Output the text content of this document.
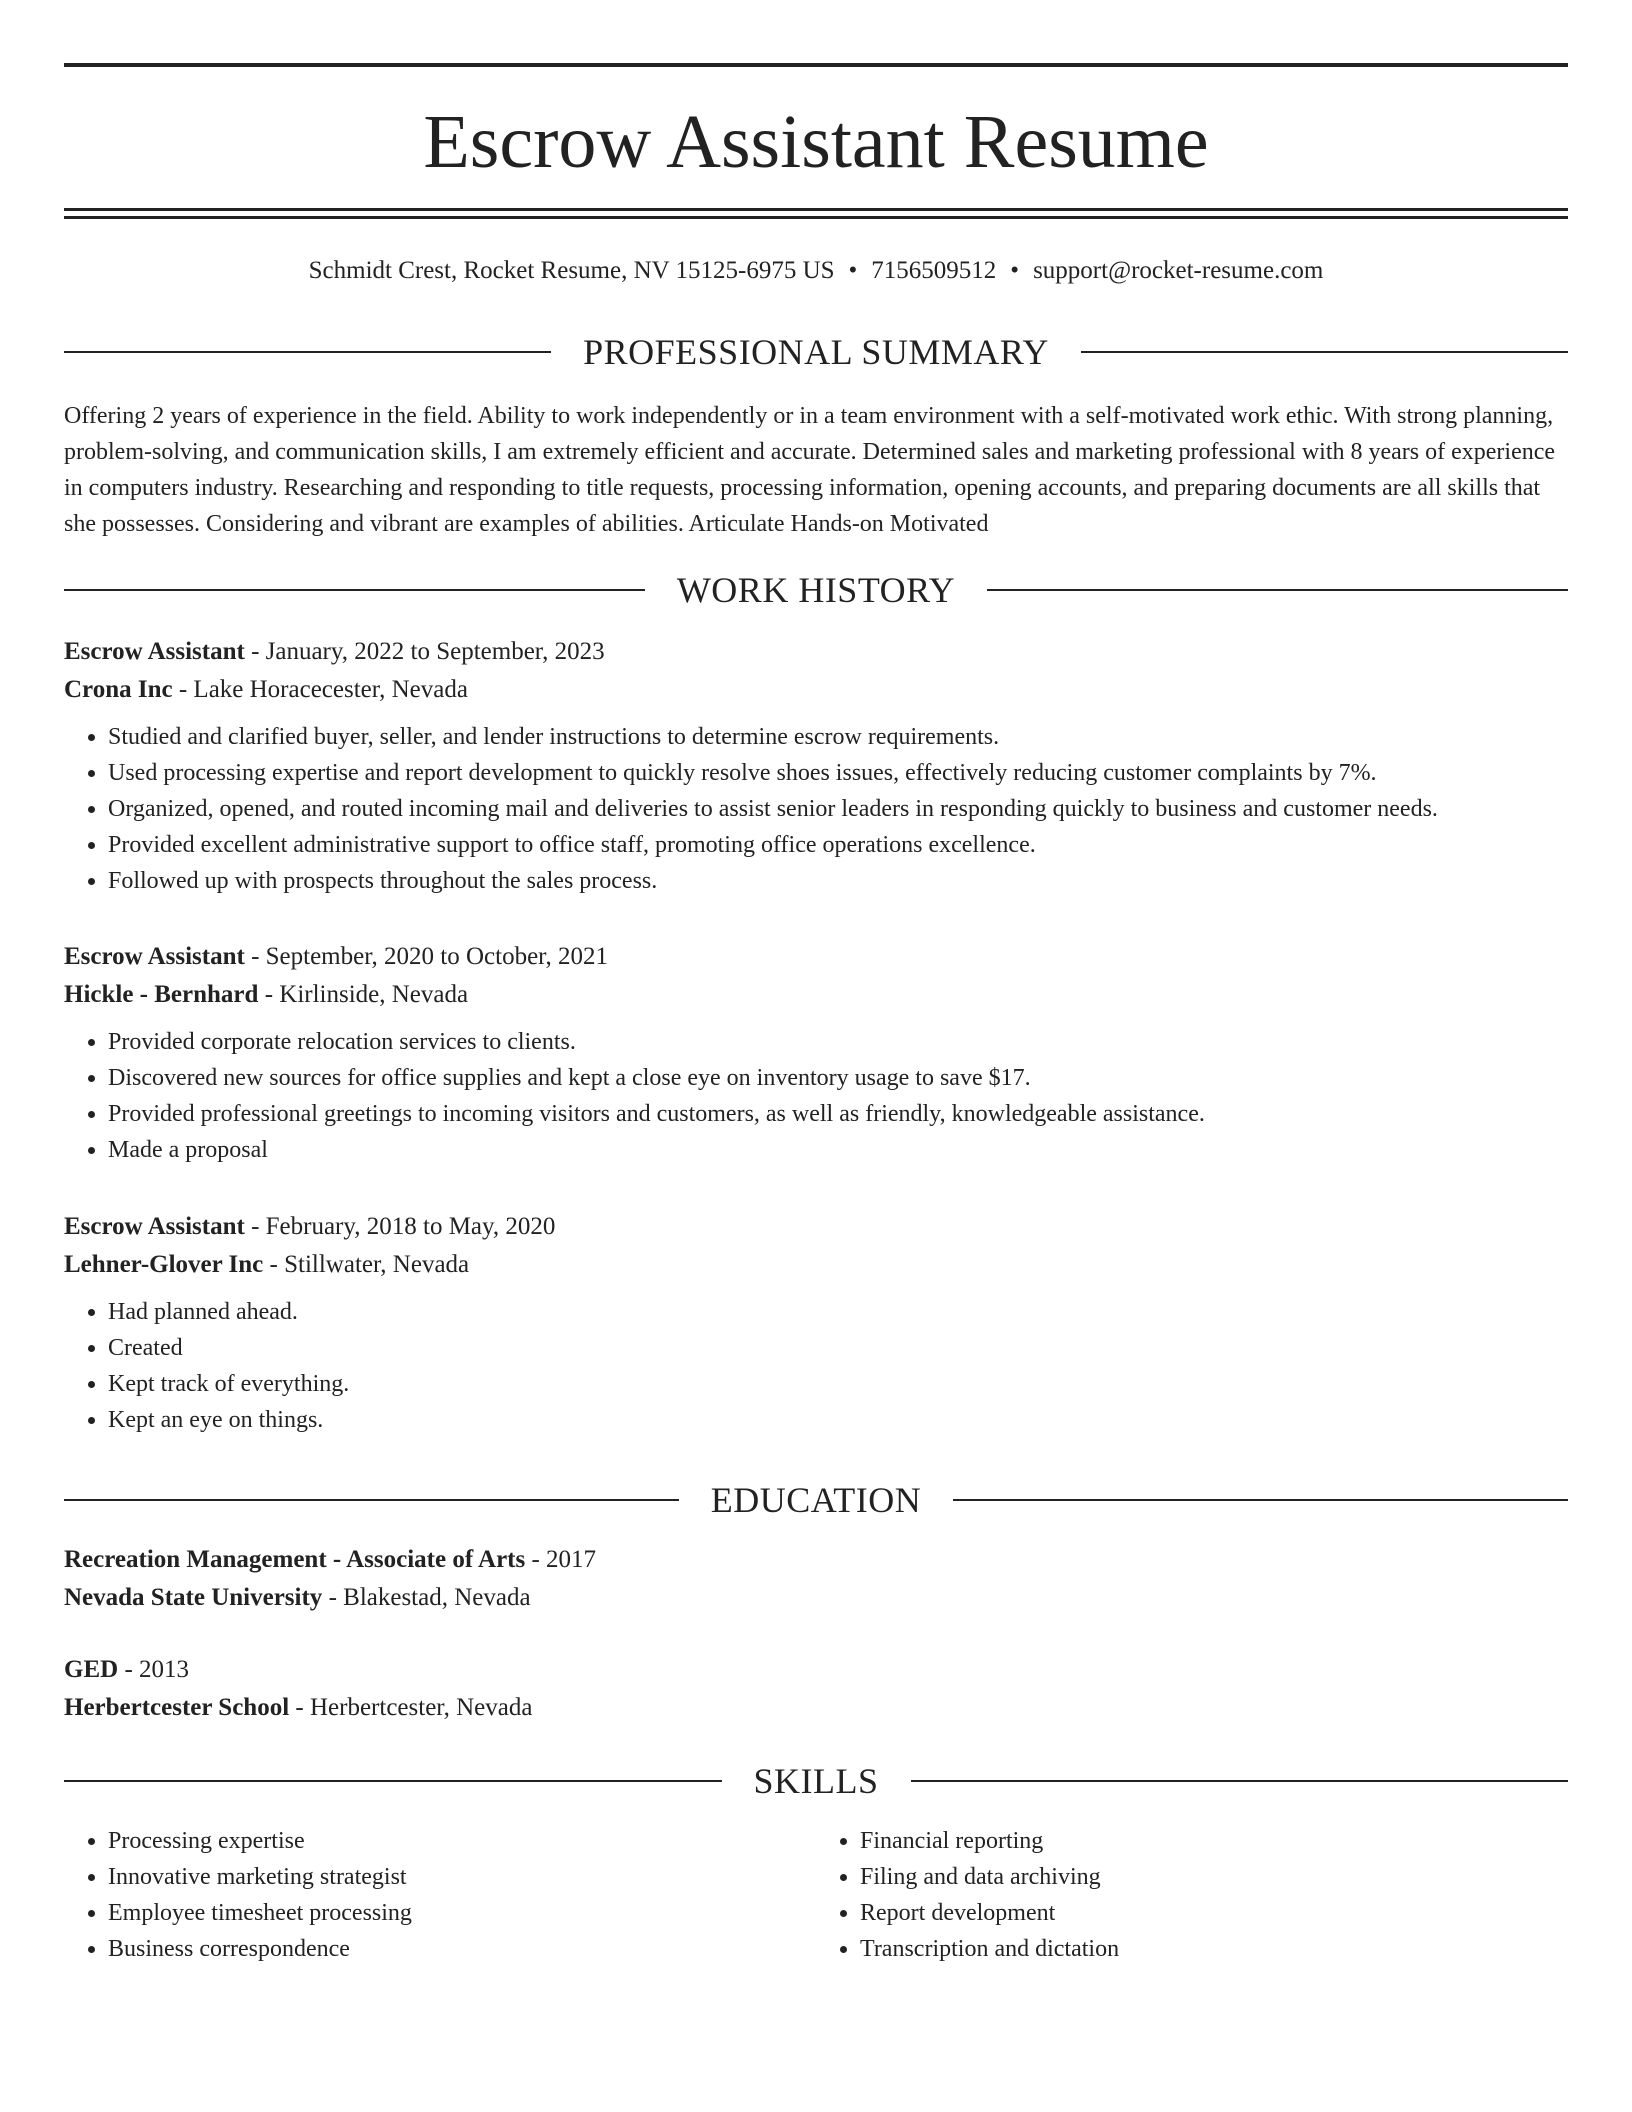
Escrow Assistant Resume
Schmidt Crest, Rocket Resume, NV 15125-6975 US • 7156509512 • support@rocket-resume.com
PROFESSIONAL SUMMARY

Offering 2 years of experience in the field. Ability to work independently or in a team environment with a self-motivated work ethic. With strong planning, problem-solving, and communication skills, I am extremely efficient and accurate. Determined sales and marketing professional with 8 years of experience in computers industry. Researching and responding to title requests, processing information, opening accounts, and preparing documents are all skills that she possesses. Considering and vibrant are examples of abilities. Articulate Hands-on Motivated

WORK HISTORY
Escrow Assistant - January, 2022 to September, 2023
Crona Inc - Lake Horacecester, Nevada
• Studied and clarified buyer, seller, and lender instructions to determine escrow requirements.
• Used processing expertise and report development to quickly resolve shoes issues, effectively reducing customer complaints by 7%.
• Organized, opened, and routed incoming mail and deliveries to assist senior leaders in responding quickly to business and customer needs.
• Provided excellent administrative support to office staff, promoting office operations excellence.
• Followed up with prospects throughout the sales process.
Escrow Assistant - September, 2020 to October, 2021
Hickle - Bernhard - Kirlinside, Nevada
• Provided corporate relocation services to clients.
• Discovered new sources for office supplies and kept a close eye on inventory usage to save $17.
• Provided professional greetings to incoming visitors and customers, as well as friendly, knowledgeable assistance.
• Made a proposal
Escrow Assistant - February, 2018 to May, 2020
Lehner-Glover Inc - Stillwater, Nevada
• Had planned ahead.
• Created
• Kept track of everything.
• Kept an eye on things.
EDUCATION
Recreation Management - Associate of Arts - 2017
Nevada State University - Blakestad, Nevada
GED - 2013
Herbertcester School - Herbertcester, Nevada
SKILLS
• Processing expertise
• Innovative marketing strategist
• Employee timesheet processing
• Business correspondence
• Financial reporting
• Filing and data archiving
• Report development
• Transcription and dictation
